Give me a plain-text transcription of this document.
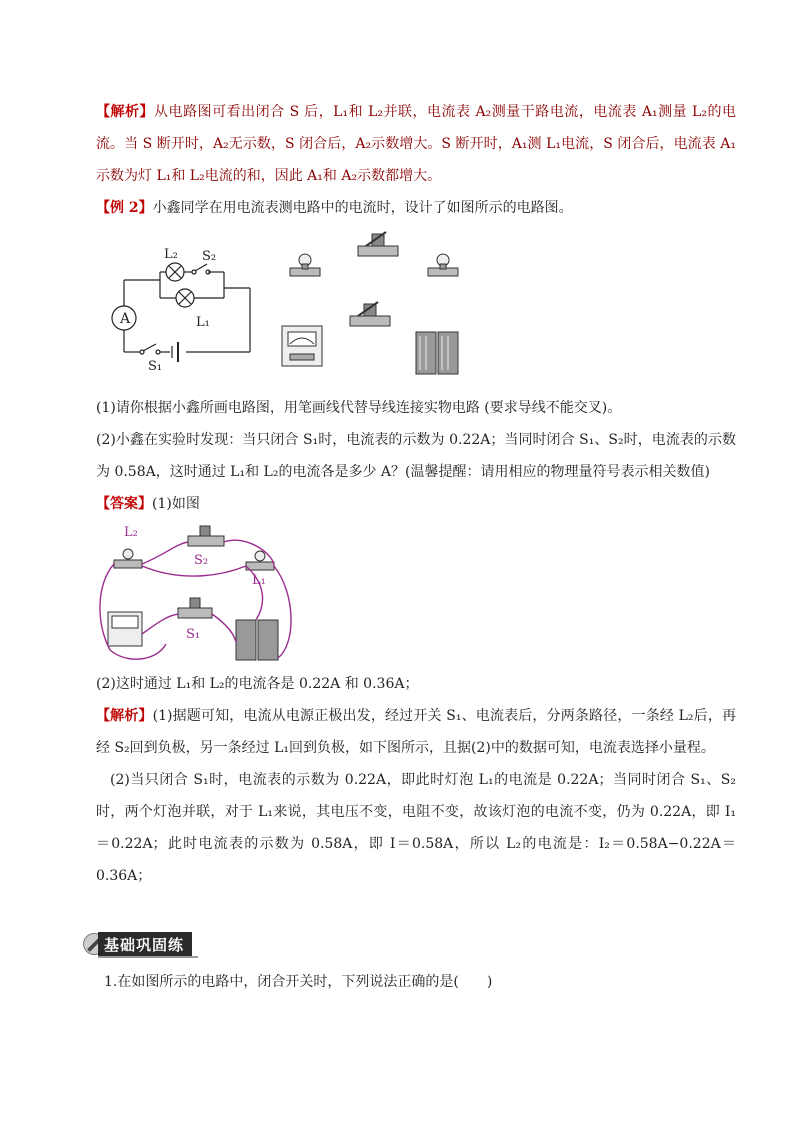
【解析】从电路图可看出闭合 S 后，L₁和 L₂并联，电流表 A₂测量干路电流，电流表 A₁测量 L₂的电流。当 S 断开时，A₂无示数，S 闭合后，A₂示数增大。S 断开时，A₁测 L₁电流，S 闭合后，电流表 A₁示数为灯 L₁和 L₂电流的和，因此 A₁和 A₂示数都增大。

【例 2】小鑫同学在用电流表测电路中的电流时，设计了如图所示的电路图。

A
L₂ S₂
L₁
S₁

(1)请你根据小鑫所画电路图，用笔画线代替导线连接实物电路 (要求导线不能交叉)。

(2)小鑫在实验时发现：当只闭合 S₁时，电流表的示数为 0.22A；当同时闭合 S₁、S₂时，电流表的示数为 0.58A，这时通过 L₁和 L₂的电流各是多少 A？(温馨提醒：请用相应的物理量符号表示相关数值)

【答案】(1)如图

L₂
S₂
L₁
S₁

(2)这时通过 L₁和 L₂的电流各是 0.22A 和 0.36A；

【解析】(1)据题可知，电流从电源正极出发，经过开关 S₁、电流表后，分两条路径，一条经 L₂后，再经 S₂回到负极，另一条经过 L₁回到负极，如下图所示，且据(2)中的数据可知，电流表选择小量程。

(2)当只闭合 S₁时，电流表的示数为 0.22A，即此时灯泡 L₁的电流是 0.22A；当同时闭合 S₁、S₂时，两个灯泡并联，对于 L₁来说，其电压不变，电阻不变，故该灯泡的电流不变，仍为 0.22A，即 I₁＝0.22A；此时电流表的示数为 0.58A，即 I＝0.58A，所以 L₂的电流是：I₂＝0.58A−0.22A＝0.36A；

基础巩固练

1.在如图所示的电路中，闭合开关时，下列说法正确的是(　　)
